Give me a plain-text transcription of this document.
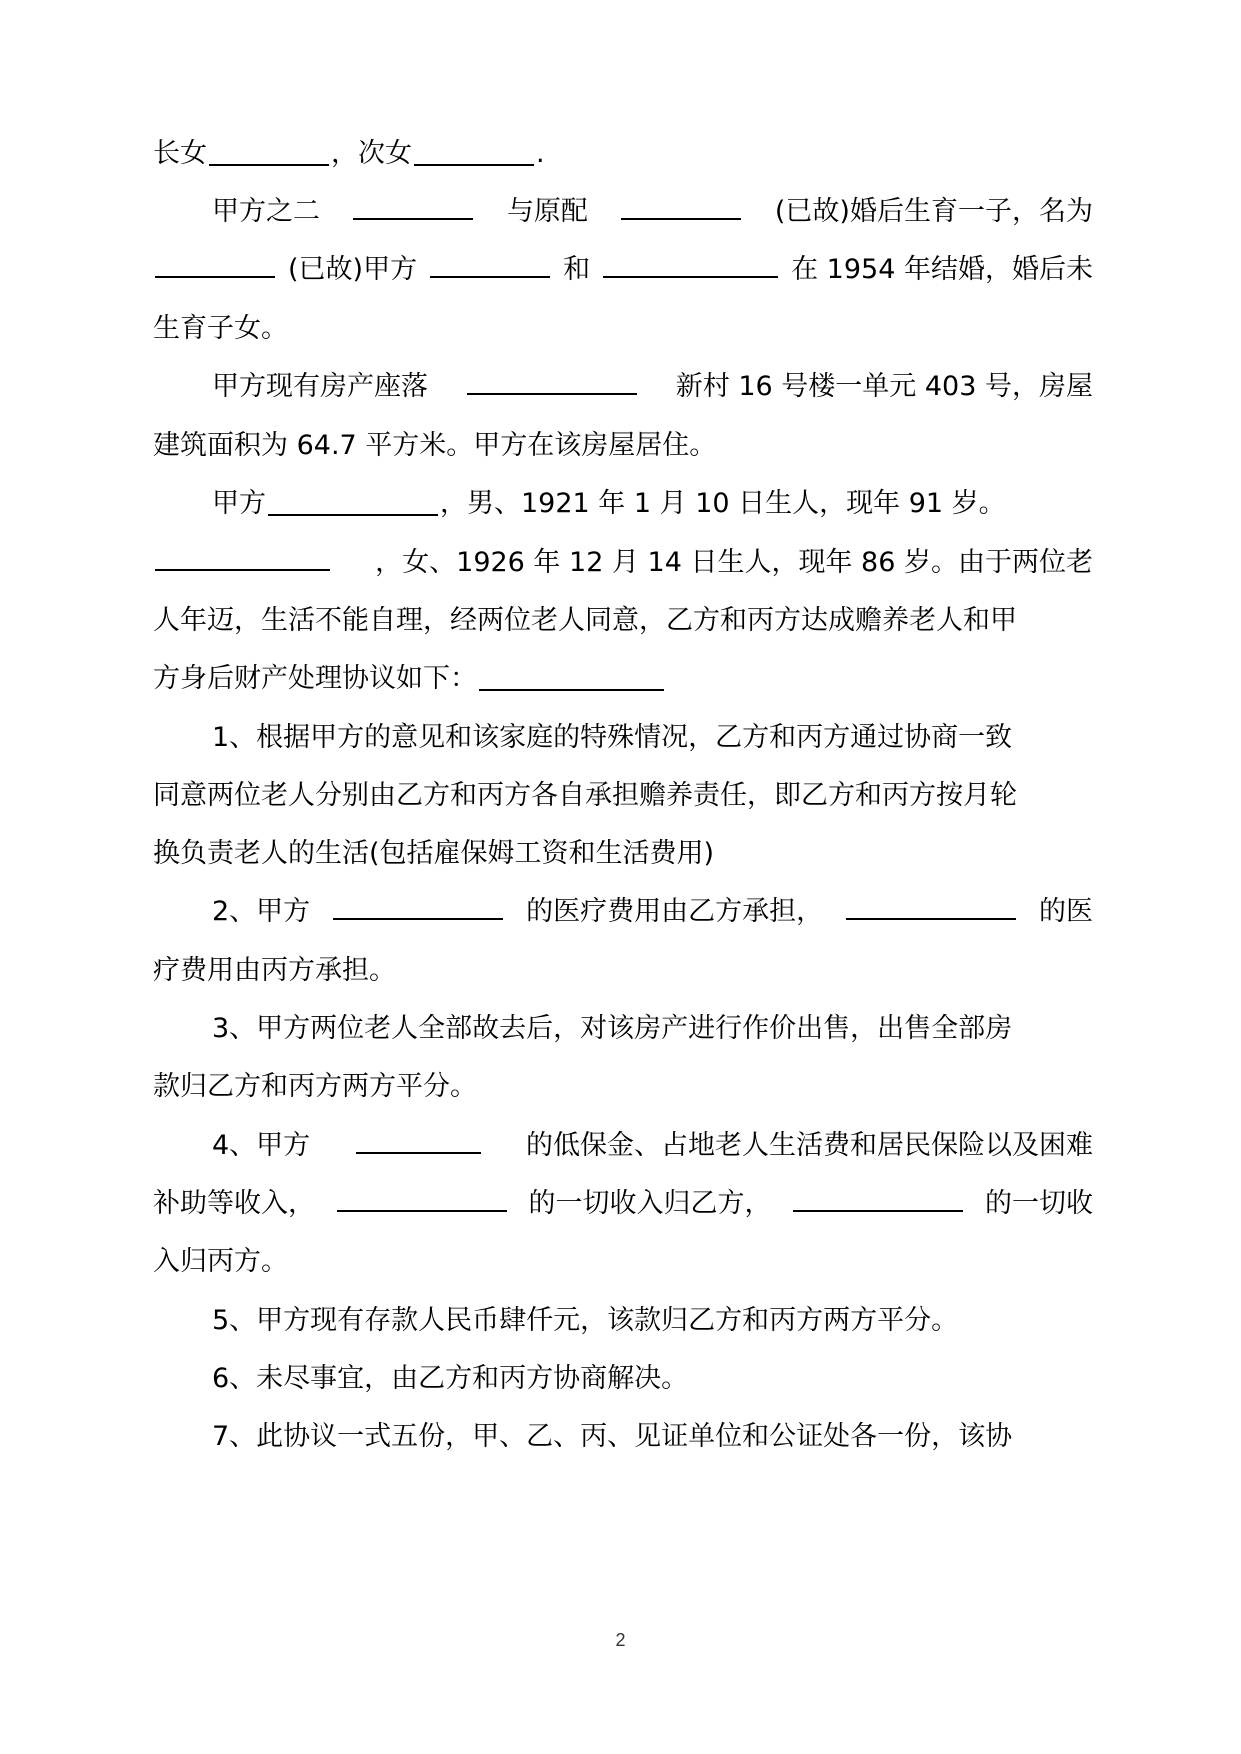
长女	，次女	.
甲方之二	与原配	(已故)婚后生育一子，名为
(已故)甲方	和	在 1954 年结婚，婚后未
生育子女。
甲方现有房产座落	新村 16 号楼一单元 403 号，房屋
建筑面积为 64.7 平方米。甲方在该房屋居住。
甲方	，男、1921 年 1 月 10 日生人，现年 91 岁。
，女、1926 年 12 月 14 日生人，现年 86 岁。由于两位老
人年迈，生活不能自理，经两位老人同意，乙方和丙方达成赡养老人和甲
方身后财产处理协议如下：
1、根据甲方的意见和该家庭的特殊情况，乙方和丙方通过协商一致
同意两位老人分别由乙方和丙方各自承担赡养责任，即乙方和丙方按月轮
换负责老人的生活(包括雇保姆工资和生活费用)
2、甲方	的医疗费用由乙方承担，	的医
疗费用由丙方承担。
3、甲方两位老人全部故去后，对该房产进行作价出售，出售全部房
款归乙方和丙方两方平分。
4、甲方	的低保金、占地老人生活费和居民保险以及困难
补助等收入，	的一切收入归乙方，	的一切收
入归丙方。
5、甲方现有存款人民币肆仟元，该款归乙方和丙方两方平分。
6、未尽事宜，由乙方和丙方协商解决。
7、此协议一式五份，甲、乙、丙、见证单位和公证处各一份，该协
2
